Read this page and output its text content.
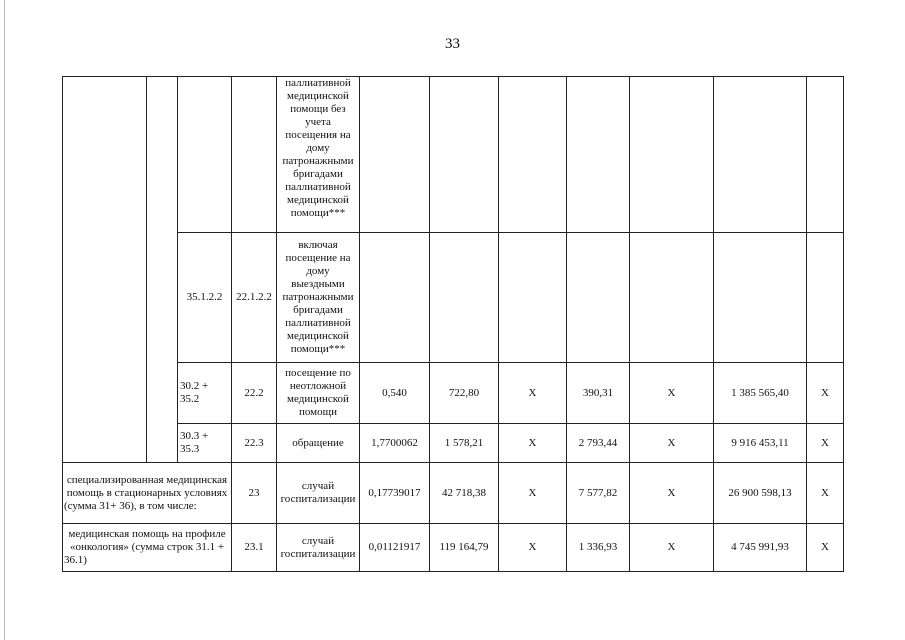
33
				паллиативной медицинской помощи без учета посещения на дому патронажными бригадами паллиативной медицинской помощи***							
		35.1.2.2	22.1.2.2	включая посещение на дому выездными патронажными бригадами паллиативной медицинской помощи***							
		30.2 + 35.2	22.2	посещение по неотложной медицинской помощи	0,540	722,80	Х	390,31	Х	1 385 565,40	Х
		30.3 + 35.3	22.3	обращение	1,7700062	1 578,21	Х	2 793,44	Х	9 916 453,11	Х
специализированная медицинская помощь в стационарных условиях (сумма 31+ 36), в том числе:			23	случай госпитализации	0,17739017	42 718,38	Х	7 577,82	Х	26 900 598,13	Х
медицинская помощь на профиле «онкология» (сумма строк 31.1 + 36.1)			23.1	случай госпитализации	0,01121917	119 164,79	Х	1 336,93	Х	4 745 991,93	Х
